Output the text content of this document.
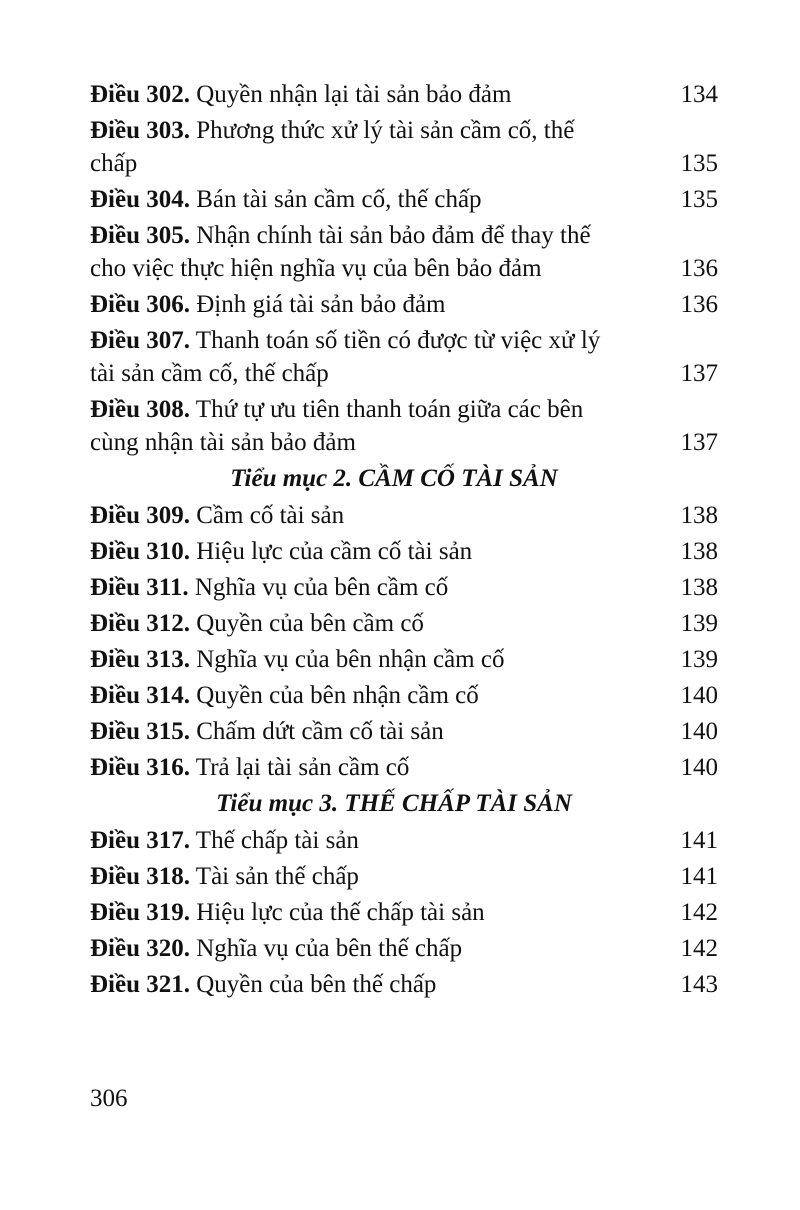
Điều 302. Quyền nhận lại tài sản bảo đảm	134
Điều 303. Phương thức xử lý tài sản cầm cố, thế
chấp	135
Điều 304. Bán tài sản cầm cố, thế chấp	135
Điều 305. Nhận chính tài sản bảo đảm để thay thế
cho việc thực hiện nghĩa vụ của bên bảo đảm	136
Điều 306. Định giá tài sản bảo đảm	136
Điều 307. Thanh toán số tiền có được từ việc xử lý
tài sản cầm cố, thế chấp	137
Điều 308. Thứ tự ưu tiên thanh toán giữa các bên
cùng nhận tài sản bảo đảm	137
Tiểu mục 2. CẦM CỐ TÀI SẢN
Điều 309. Cầm cố tài sản	138
Điều 310. Hiệu lực của cầm cố tài sản	138
Điều 311. Nghĩa vụ của bên cầm cố	138
Điều 312. Quyền của bên cầm cố	139
Điều 313. Nghĩa vụ của bên nhận cầm cố	139
Điều 314. Quyền của bên nhận cầm cố	140
Điều 315. Chấm dứt cầm cố tài sản	140
Điều 316. Trả lại tài sản cầm cố	140
Tiểu mục 3. THẾ CHẤP TÀI SẢN
Điều 317. Thế chấp tài sản	141
Điều 318. Tài sản thế chấp	141
Điều 319. Hiệu lực của thế chấp tài sản	142
Điều 320. Nghĩa vụ của bên thế chấp	142
Điều 321. Quyền của bên thế chấp	143
306
